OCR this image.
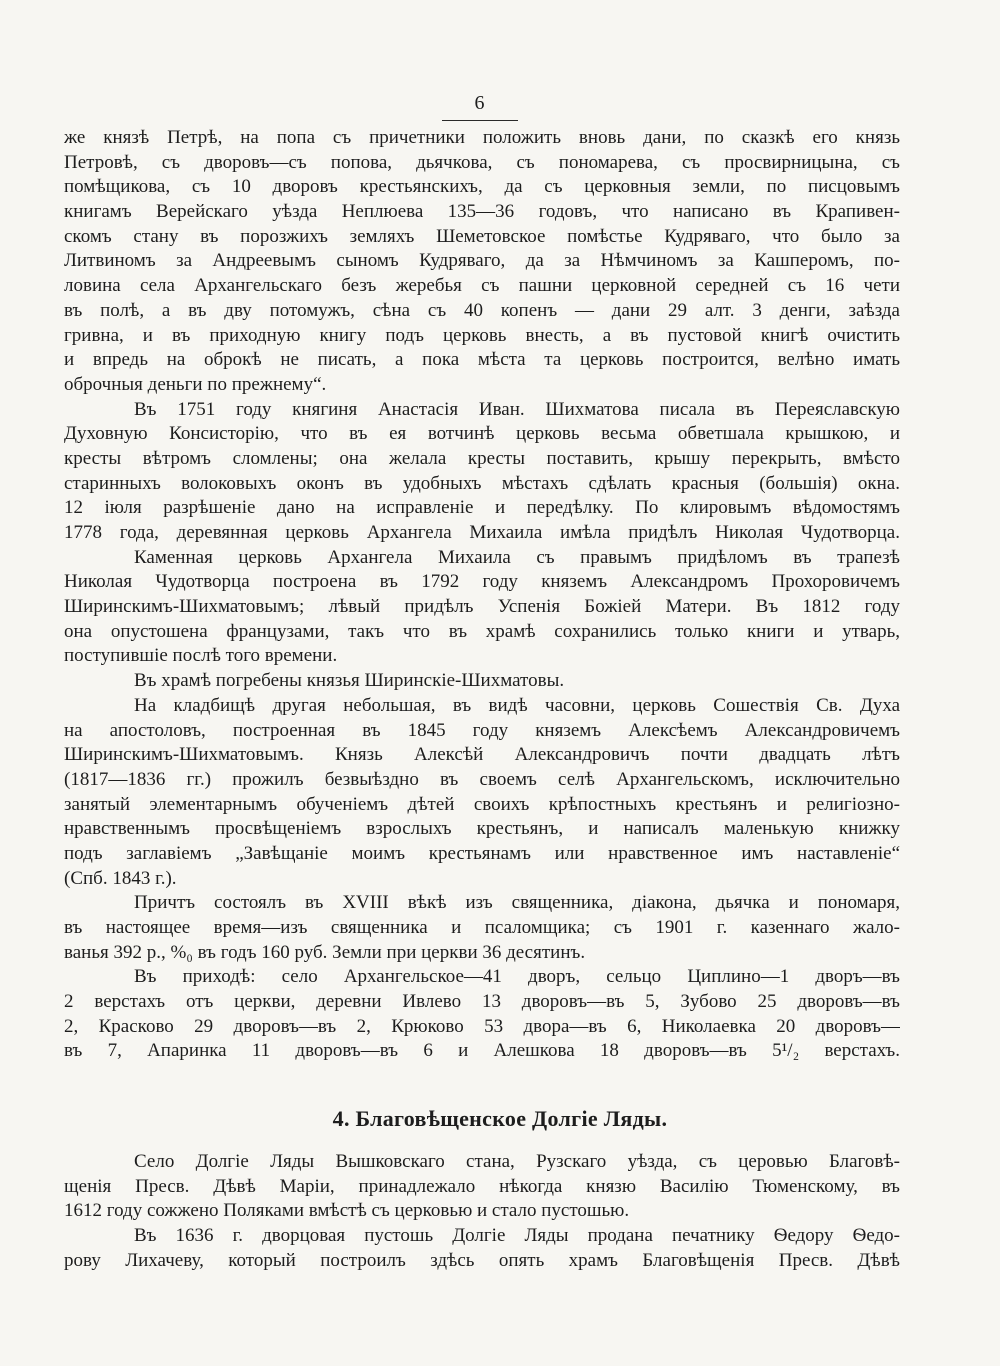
6
же князѣ Петрѣ, на попа съ причетники положить вновь дани, по сказкѣ его князь
Петровѣ, съ дворовъ—съ попова, дьячкова, съ пономарева, съ просвирницына, съ
помѣщикова, съ 10 дворовъ крестьянскихъ, да съ церковныя земли, по писцовымъ
книгамъ Верейскаго уѣзда Неплюева 135—36 годовъ, что написано въ Крапивен-
скомъ стану въ порозжихъ земляхъ Шеметовское помѣстье Кудряваго, что было за
Литвиномъ за Андреевымъ сыномъ Кудряваго, да за Нѣмчиномъ за Кашперомъ, по-
ловина села Архангельскаго безъ жеребья съ пашни церковной середней съ 16 чети
въ полѣ, а въ дву потомужъ, сѣна съ 40 копенъ — дани 29 алт. 3 денги, заѣзда
гривна, и въ приходную книгу подъ церковь внесть, а въ пустовой книгѣ очистить
и впредь на оброкѣ не писать, а пока мѣста та церковь построится, велѣно имать
оброчныя деньги по прежнему“.
Въ 1751 году княгиня Анастасія Иван. Шихматова писала въ Переяславскую
Духовную Консисторію, что въ ея вотчинѣ церковь весьма обветшала крышкою, и
кресты вѣтромъ сломлены; она желала кресты поставить, крышу перекрыть, вмѣсто
старинныхъ волоковыхъ оконъ въ удобныхъ мѣстахъ сдѣлать красныя (большія) окна.
12 іюля разрѣшеніе дано на исправленіе и передѣлку. По клировымъ вѣдомостямъ
1778 года, деревянная церковь Архангела Михаила имѣла придѣлъ Николая Чудотворца.
Каменная церковь Архангела Михаила съ правымъ придѣломъ въ трапезѣ
Николая Чудотворца построена въ 1792 году княземъ Александромъ Прохоровичемъ
Ширинскимъ-Шихматовымъ; лѣвый придѣлъ Успенія Божіей Матери. Въ 1812 году
она опустошена французами, такъ что въ храмѣ сохранились только книги и утварь,
поступившіе послѣ того времени.
Въ храмѣ погребены князья Ширинскіе-Шихматовы.
На кладбищѣ другая небольшая, въ видѣ часовни, церковь Сошествія Св. Духа
на апостоловъ, построенная въ 1845 году княземъ Алексѣемъ Александровичемъ
Ширинскимъ-Шихматовымъ. Князь Алексѣй Александровичъ почти двадцать лѣтъ
(1817—1836 гг.) прожилъ безвыѣздно въ своемъ селѣ Архангельскомъ, исключительно
занятый элементарнымъ обученіемъ дѣтей своихъ крѣпостныхъ крестьянъ и религіозно-
нравственнымъ просвѣщеніемъ взрослыхъ крестьянъ, и написалъ маленькую книжку
подъ заглавіемъ „Завѣщаніе моимъ крестьянамъ или нравственное имъ наставленіе“
(Спб. 1843 г.).
Причтъ состоялъ въ XVIII вѣкѣ изъ священника, діакона, дьячка и пономаря,
въ настоящее время—изъ священника и псаломщика; съ 1901 г. казеннаго жало-
ванья 392 р., %₀ въ годъ 160 руб. Земли при церкви 36 десятинъ.
Въ приходѣ: село Архангельское—41 дворъ, сельцо Циплино—1 дворъ—въ
2 верстахъ отъ церкви, деревни Ивлево 13 дворовъ—въ 5, Зубово 25 дворовъ—въ
2, Красково 29 дворовъ—въ 2, Крюково 53 двора—въ 6, Николаевка 20 дворовъ—
въ 7, Апаринка 11 дворовъ—въ 6 и Алешкова 18 дворовъ—въ 5¹/₂ верстахъ.
4. Благовѣщенское Долгіе Ляды.
Село Долгіе Ляды Вышковскаго стана, Рузскаго уѣзда, съ церовью Благовѣ-
щенія Пресв. Дѣвѣ Маріи, принадлежало нѣкогда князю Василію Тюменскому, въ
1612 году сожжено Поляками вмѣстѣ съ церковью и стало пустошью.
Въ 1636 г. дворцовая пустошь Долгіе Ляды продана печатнику Ѳедору Ѳедо-
рову Лихачеву, который построилъ здѣсь опять храмъ Благовѣщенія Пресв. Дѣвѣ
